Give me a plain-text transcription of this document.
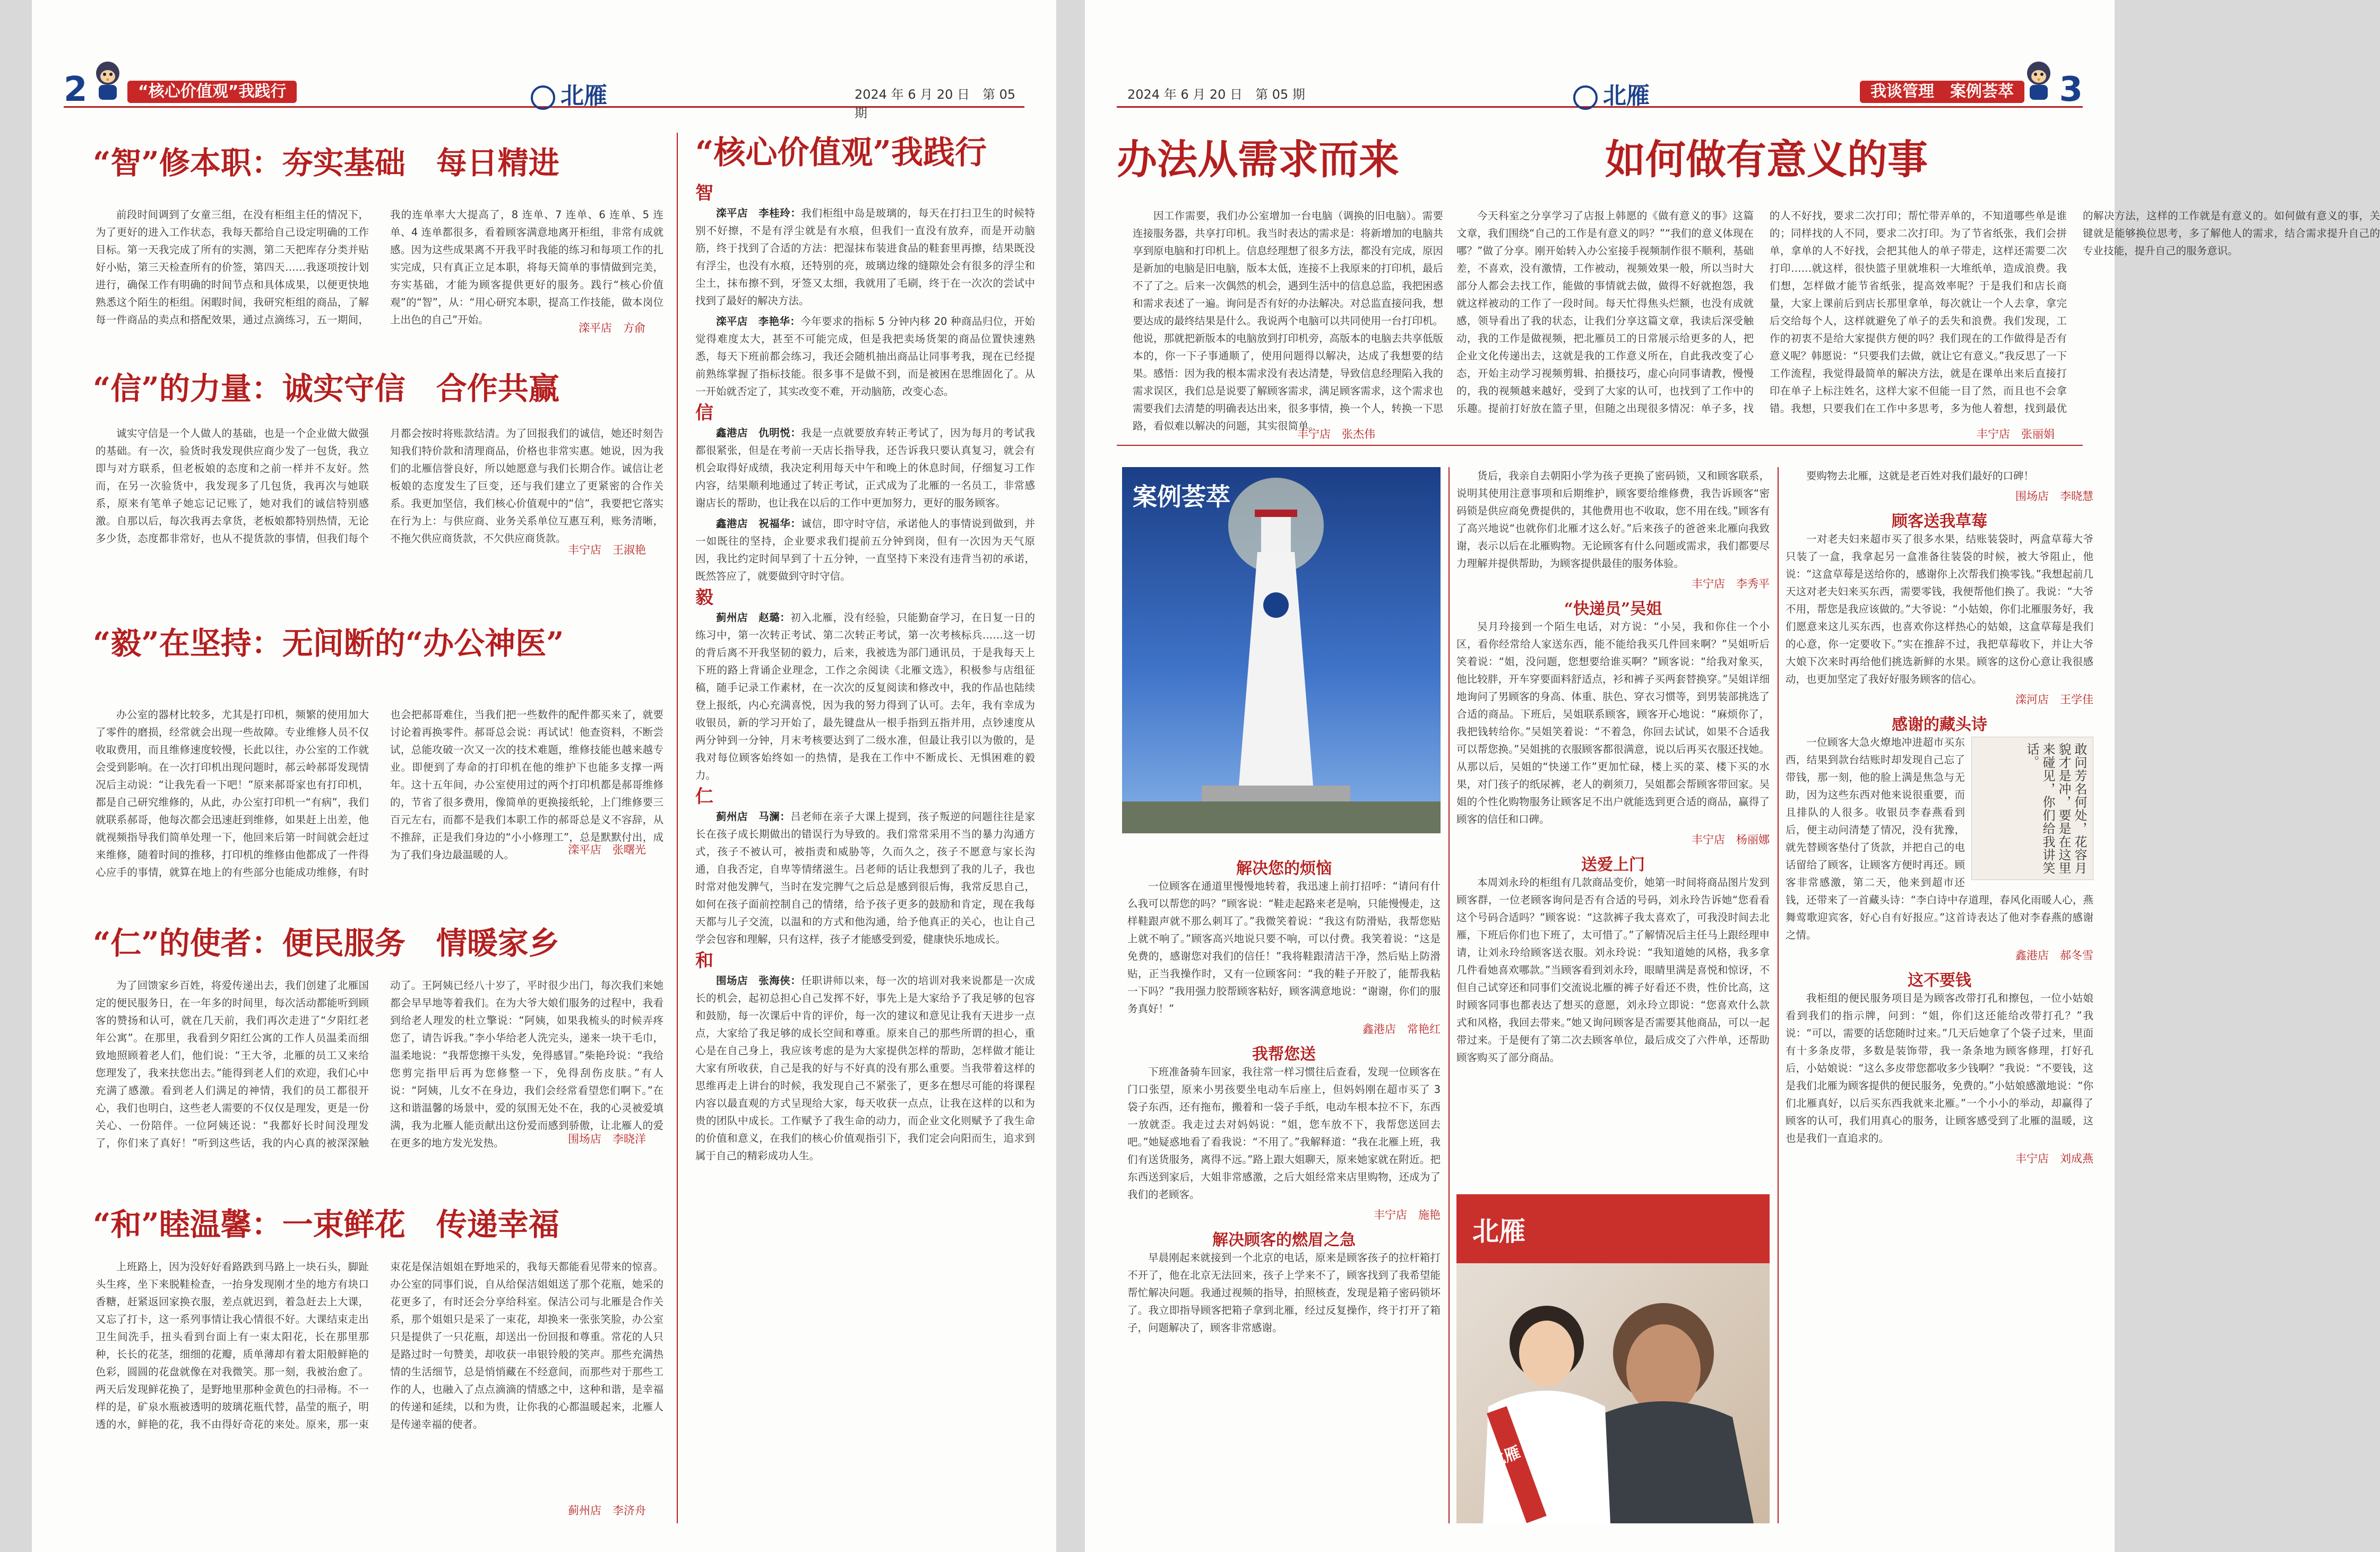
2	“核心价值观”我践行	北雁	2024 年 6 月 20 日　第 05 期
“智”修本职：夯实基础　每日精进

前段时间调到了女童三组，在没有柜组主任的情况下，为了更好的进入工作状态，我每天都给自己设定明确的工作目标。第一天我完成了所有的实测，第二天把库存分类并贴好小贴，第三天检查所有的价签，第四天……我逐项按计划进行，确保工作有明确的时间节点和具体成果，以便更快地熟悉这个陌生的柜组。闲暇时间，我研究柜组的商品，了解每一件商品的卖点和搭配效果，通过点滴练习，五一期间，我的连单率大大提高了，8 连单、7 连单、6 连单、5 连单、4 连单都很多，看着顾客满意地离开柜组，非常有成就感。因为这些成果离不开我平时我能的练习和每项工作的扎实完成，只有真正立足本职，将每天简单的事情做到完美，夯实基础，才能为顾客提供更好的服务。践行“核心价值观”的“智”，从：“用心研究本职，提高工作技能，做本岗位上出色的自己”开始。

滦平店　方俞
“信”的力量：诚实守信　合作共赢

诚实守信是一个人做人的基础，也是一个企业做大做强的基础。有一次，验货时我发现供应商少发了一包货，我立即与对方联系，但老板娘的态度和之前一样并不友好。然而，在另一次验货中，我发现多了几包货，我再次与她联系，原来有笔单子她忘记记账了，她对我们的诚信特别感激。自那以后，每次我再去拿货，老板娘都特别热情，无论多少货，态度都非常好，也从不提货款的事情，但我们每个月都会按时将账款结清。为了回报我们的诚信，她还时刻告知我们特价款和清理商品，价格也非常实惠。她说，因为我们的北雁信誉良好，所以她愿意与我们长期合作。诚信让老板娘的态度发生了巨变，还与我们建立了更紧密的合作关系。我更加坚信，我们核心价值观中的“信”，我要把它落实在行为上：与供应商、业务关系单位互惠互利，账务清晰，不拖欠供应商货款，不欠供应商货款。

丰宁店　王淑艳
“毅”在坚持：无间断的“办公神医”

办公室的器材比较多，尤其是打印机，频繁的使用加大了零件的磨损，经常就会出现一些故障。专业维修人员不仅收取费用，而且维修速度较慢，长此以往，办公室的工作就会受到影响。在一次打印机出现问题时，郝云岭郝哥发现情况后主动说：“让我先看一下吧！”原来郝哥家也有打印机，都是自己研究维修的，从此，办公室打印机一“有病”，我们就联系郝哥，他每次都会迅速赶到维修，如果赶上出差，他就视频指导我们简单处理一下，他回来后第一时间就会赶过来维修，随着时间的推移，打印机的维修由他都成了一件得心应手的事情，就算在地上的有些部分也能成功维修，有时也会把郝哥难住，当我们把一些数件的配件都买来了，就要讨论着再换零件。郝哥总会说：再试试！他查资料，不断尝试，总能攻破一次又一次的技术难题，维修技能也越来越专业。即便到了寿命的打印机在他的维护下也能多支撑一两年。这十五年间，办公室使用过的两个打印机都是郝哥维修的，节省了很多费用，像简单的更换接纸轮，上门维修要三百元左右，而都不是我们本职工作的郝哥总是义不容辞，从不推辞，正是我们身边的“小小修理工”，总是默默付出，成为了我们身边最温暖的人。	滦平店　张曙光
“仁”的使者：便民服务　情暖家乡

为了回馈家乡百姓，将爱传递出去，我们创建了北雁国定的便民服务日，在一年多的时间里，每次活动都能听到顾客的赞扬和认可，就在几天前，我们再次走进了“夕阳红老年公寓”。在那里，我看到夕阳红公寓的工作人员温柔而细致地照顾着老人们，他们说：“王大爷，北雁的员工又来给您理发了，我来扶您出去。”能得到老人们的欢迎，我们心中充满了感激。看到老人们满足的神情，我们的员工都很开心，我们也明白，这些老人需要的不仅仅是理发，更是一份关心、一份陪伴。一位阿姨还说：“我都好长时间没理发了，你们来了真好！”听到这些话，我的内心真的被深深触动了。王阿姨已经八十岁了，平时很少出门，每次我们来她都会早早地等着我们。在为大爷大娘们服务的过程中，我看到给老人理发的杜立擎说：“阿姨，如果我梳头的时候弄疼您了，请告诉我。”李小华给老人洗完头，递来一块干毛巾，温柔地说：“我帮您擦干头发，免得感冒。”柴艳玲说：“我给您剪完指甲后再为您修整一下，免得刮伤皮肤。”有人说：“阿姨，儿女不在身边，我们会经常看望您们啊下。”在这和谐温馨的场景中，爱的氛围无处不在，我的心灵被爱填满，我为北雁人能贡献出这份爱而感到骄傲，让北雁人的爱在更多的地方发光发热。	围场店　李晓洋
“和”睦温馨：一束鲜花　传递幸福

上班路上，因为没好好看路跌到马路上一块石头，脚趾头生疼，坐下来脱鞋检查，一抬身发现刚才坐的地方有块口香糖，赶紧返回家换衣服，差点就迟到，着急赶去上大课，又忘了打卡，这一系列事情让我心情很不好。大课结束走出卫生间洗手，扭头看到台面上有一束太阳花，长在那里那种，长长的花茎，细细的花瓣，质单薄却有着太阳般鲜艳的色彩，圆圆的花盘就像在对我微笑。那一刻，我被治愈了。两天后发现鲜花换了，是野地里那种金黄色的扫帚梅。不一样的是，矿泉水瓶被透明的玻璃花瓶代替，晶莹的瓶子，明透的水，鲜艳的花，我不由得好奇花的来处。原来，那一束束花是保洁姐姐在野地采的，我每天都能看见带来的惊喜。办公室的同事们说，自从给保洁姐姐送了那个花瓶，她采的花更多了，有时还会分享给科室。保洁公司与北雁是合作关系，那个姐姐只是采了一束花，却换来一张张笑脸，办公室只是提供了一只花瓶，却送出一份回报和尊重。常花的人只是路过时一句赞美，却收获一串银铃般的笑声。那些充满热情的生活细节，总是悄悄藏在不经意间，而那些对于那些工作的人，也融入了点点滴滴的情感之中，这种和谐，是幸福的传递和延续，以和为贵，让你我的心都温暖起来，北雁人是传递幸福的使者。

蓟州店　李济舟
“核心价值观”我践行
智

滦平店　李桂玲：我们柜组中岛是玻璃的，每天在打扫卫生的时候特别不好擦，不是有浮尘就是有水痕，但我们一直没有放弃，而是开动脑筋，终于找到了合适的方法：把湿抹布装进食品的鞋套里再擦，结果既没有浮尘，也没有水痕，还特别的亮，玻璃边缘的缝隙处会有很多的浮尘和尘土，抹布擦不到，牙签又太细，我就用了毛刷，终于在一次次的尝试中找到了最好的解决方法。

滦平店　李艳华：今年要求的指标 5 分钟内移 20 种商品归位，开始觉得难度太大，甚至不可能完成，但是我把卖场货架的商品位置快速熟悉，每天下班前都会练习，我还会随机抽出商品让同事考我，现在已经提前熟练掌握了指标技能。很多事不是做不到，而是被困在思维固化了。从一开始就否定了，其实改变不难，开动脑筋，改变心态。

信

鑫港店　仇明悦：我是一点就要放弃转正考试了，因为每月的考试我都很紧张，但是在考前一天店长指导我，还告诉我只要认真复习，就会有机会取得好成绩，我决定利用每天中午和晚上的休息时间，仔细复习工作内容，结果顺利地通过了转正考试，正式成为了北雁的一名员工，非常感谢店长的帮助，也让我在以后的工作中更加努力，更好的服务顾客。

鑫港店　祝福华：诚信，即守时守信，承诺他人的事情说到做到，并一如既往的坚持，企业要求我们提前五分钟到岗，但有一次因为天气原因，我比约定时间早到了十五分钟，一直坚持下来没有违背当初的承诺，既然答应了，就要做到守时守信。

毅

蓟州店　赵璐：初入北雁，没有经验，只能勤奋学习，在日复一日的练习中，第一次转正考试、第二次转正考试，第一次考核标兵……这一切的背后离不开我坚韧的毅力，后来，我被选为部门通讯员，于是我每天上下班的路上背诵企业理念，工作之余阅读《北雁文选》，积极参与店组征稿，随手记录工作素材，在一次次的反复阅读和修改中，我的作品也陆续登上报纸，内心充满喜悦，因为我的努力得到了认可。去年，我有幸成为收银员，新的学习开始了，最先键盘从一根手指到五指并用，点钞速度从两分钟到一分钟，月末考核要达到了二级水准，但最让我引以为傲的，是我对每位顾客始终如一的热情，是我在工作中不断成长、无惧困难的毅力。

仁

蓟州店　马澜：吕老师在亲子大课上提到，孩子叛逆的问题往往是家长在孩子成长期做出的错误行为导致的。我们常常采用不当的暴力沟通方式，孩子不被认可，被指责和威胁等，久而久之，孩子不愿意与家长沟通，自我否定，自卑等情绪滋生。吕老师的话让我想到了我的儿子，我也时常对他发脾气，当时在发完脾气之后总是感到很后悔，我常反思自己，如何在孩子面前控制自己的情绪，给予孩子更多的鼓励和肯定，现在我每天都与儿子交流，以温和的方式和他沟通，给予他真正的关心，也让自己学会包容和理解，只有这样，孩子才能感受到爱，健康快乐地成长。

和

围场店　张海侠：任职讲师以来，每一次的培训对我来说都是一次成长的机会，起初总担心自己发挥不好，事先上是大家给予了我足够的包容和鼓励，每一次课后中肯的评价，每一次的建议和意见让我有天进步一点点，大家给了我足够的成长空间和尊重。原来自己的那些所谓的担心，重心是在自己身上，我应该考虑的是为大家提供怎样的帮助，怎样做才能让大家有所收获，自己是我的好与不好真的没有那么重要。当我带着这样的思维再走上讲台的时候，我发现自己不紧张了，更多在想尽可能的将课程内容以最直观的方式呈现给大家，每天收获一点点，让我在这样的以和为贵的团队中成长。工作赋予了我生命的动力，而企业文化则赋予了我生命的价值和意义，在我们的核心价值观指引下，我们定会向阳而生，追求到属于自己的精彩成功人生。

2024 年 6 月 20 日　第 05 期	北雁	我谈管理　案例荟萃	3
办法从需求而来	如何做有意义的事

因工作需要，我们办公室增加一台电脑（调换的旧电脑）。需要连接服务器，共享打印机。我当时表达的需求是：将新增加的电脑共享到原电脑和打印机上。信息经理想了很多方法，都没有完成，原因是新加的电脑是旧电脑，版本太低，连接不上我原来的打印机，最后不了了之。后来一次偶然的机会，遇到生活中的信息总监，我把困惑和需求表述了一遍。询问是否有好的办法解决。对总监直接问我，想要达成的最终结果是什么。我说两个电脑可以共同使用一台打印机。他说，那就把新版本的电脑放到打印机旁，高版本的电脑去共享低版本的，你一下子事通顺了，使用问题得以解决，达成了我想要的结果。感悟：因为我的根本需求没有表达清楚，导致信息经理陷入我的需求误区，我们总是说要了解顾客需求，满足顾客需求，这个需求也需要我们去清楚的明确表达出来，很多事情，换一个人，转换一下思路，看似难以解决的问题，其实很简单。

丰宁店　张杰伟

今天科室之分享学习了店报上韩愿的《做有意义的事》这篇文章，我们围绕“自己的工作是有意义的吗？”“我们的意义体现在哪？”做了分享。刚开始转入办公室接手视频制作很不顺利，基础差，不喜欢，没有激情，工作被动，视频效果一般，所以当时大部分人都会去找工作，能做的事情就去做，做得不好就抱怨，我就这样被动的工作了一段时间。每天忙得焦头烂额，也没有成就感，领导看出了我的状态，让我们分享这篇文章，我读后深受触动，我的工作是做视频，把北雁员工的日常展示给更多的人，把企业文化传递出去，这就是我的工作意义所在，自此我改变了心态，开始主动学习视频剪辑、拍摄技巧，虚心向同事请教，慢慢的，我的视频越来越好，受到了大家的认可，也找到了工作中的乐趣。提前打好放在篮子里，但随之出现很多情况：单子多，找的人不好找，要求二次打印；帮忙带弄单的，不知道哪些单是谁的；同样找的人不同，要求二次打印。为了节省纸张，我们会拼单，拿单的人不好找，会把其他人的单子带走，这样还需要二次打印……就这样，很快篮子里就堆积一大堆纸单，造成浪费。我们想，怎样做才能节省纸张，提高效率呢？于是我们和店长商量，大家上课前后到店长那里拿单，每次就让一个人去拿，拿完后交给每个人，这样就避免了单子的丢失和浪费。我们发现，工作的初衷不是给大家提供方便的吗？我们现在的工作做得是否有意义呢？韩愿说：“只要我们去做，就让它有意义。”我反思了一下工作流程，我觉得最简单的解决方法，就是在课单出来后直接打印在单子上标注姓名，这样大家不但能一目了然，而且也不会拿错。我想，只要我们在工作中多思考，多为他人着想，找到最优的解决方法，这样的工作就是有意义的。如何做有意义的事，关键就是能够换位思考，多了解他人的需求，结合需求提升自己的专业技能，提升自己的服务意识。

丰宁店　张丽娟
案例荟萃
解决您的烦恼

一位顾客在通道里慢慢地转着，我迅速上前打招呼：“请问有什么我可以帮您的吗？”顾客说：“鞋走起路来老是响，只能慢慢走，这样鞋跟声就不那么刺耳了。”我微笑着说：“我这有防滑贴，我帮您贴上就不响了。”顾客高兴地说只要不响，可以付费。我笑着说：“这是免费的，感谢您对我们的信任！”我将鞋跟清洁干净，然后贴上防滑贴，正当我操作时，又有一位顾客问：“我的鞋子开胶了，能帮我粘一下吗？”我用强力胶帮顾客粘好，顾客满意地说：“谢谢，你们的服务真好！”

鑫港店　常艳红
我帮您送

下班准备骑车回家，我往常一样习惯往后查看，发现一位顾客在门口张望，原来小男孩要坐电动车后座上，但妈妈刚在超市买了 3 袋子东西，还有拖布，搬着和一袋子手纸，电动车根本拉不下，东西一放就歪。我走过去对妈妈说：“姐，您车放不下，我帮您送回去吧。”她疑惑地看了看我说：“不用了。”我解释道：“我在北雁上班，我们有送货服务，离得不远。”路上跟大姐聊天，原来她家就在附近。把东西送到家后，大姐非常感激，之后大姐经常来店里购物，还成为了我们的老顾客。

丰宁店　施艳
解决顾客的燃眉之急

早晨刚起来就接到一个北京的电话，原来是顾客孩子的拉杆箱打不开了，他在北京无法回来，孩子上学来不了，顾客找到了我希望能帮忙解决问题。我通过视频的指导，拍照核查，发现是箱子密码锁坏了。我立即指导顾客把箱子拿到北雁，经过反复操作，终于打开了箱子，问题解决了，顾客非常感谢。

货后，我亲自去朝阳小学为孩子更换了密码锁，又和顾客联系，说明其使用注意事项和后期维护，顾客要给维修费，我告诉顾客“密码锁是供应商免费提供的，其他费用也不收取，您不用在线。”顾客有了高兴地说“也就你们北雁才这么好。”后来孩子的爸爸来北雁向我致谢，表示以后在北雁购物。无论顾客有什么问题或需求，我们都要尽力理解并提供帮助，为顾客提供最佳的服务体验。

丰宁店　李秀平
“快递员”吴姐

吴月玲接到一个陌生电话，对方说：“小吴，我和你住一个小区，看你经常给人家送东西，能不能给我买几件回来啊？”吴姐听后笑着说：“姐，没问题，您想要给谁买啊？”顾客说：“给我对象买，他比较胖，开车穿要面料舒适点，衫和裤子买两套替换穿。”吴姐详细地询问了男顾客的身高、体重、肤色、穿衣习惯等，到男装部挑选了合适的商品。下班后，吴姐联系顾客，顾客开心地说：“麻烦你了，我把钱转给你。”吴姐笑着说：“不着急，你回去试试，如果不合适我可以帮您换。”吴姐挑的衣服顾客都很满意，说以后再买衣服还找她。从那以后，吴姐的“快递工作”更加忙碌，楼上买的菜、楼下买的水果，对门孩子的纸尿裤，老人的剃须刀，吴姐都会帮顾客带回家。吴姐的个性化购物服务让顾客足不出户就能选到更合适的商品，赢得了顾客的信任和口碑。

丰宁店　杨丽娜
送爱上门

本周刘永玲的柜组有几款商品变价，她第一时间将商品图片发到顾客群，一位老顾客询问是否有合适的号码，刘永玲告诉她“您看看这个号码合适吗？”顾客说：“这款裤子我太喜欢了，可我没时间去北雁，下班后你们也下班了，太可惜了。”了解情况后主任马上跟经理申请，让刘永玲给顾客送衣服。刘永玲说：“我知道她的风格，我多拿几件看她喜欢哪款。”当顾客看到刘永玲，眼睛里满是喜悦和惊讶，不但自己试穿还和同事们交流说北雁的裤子好看还不贵，性价比高，这时顾客同事也都表达了想买的意愿，刘永玲立即说：“您喜欢什么款式和风格，我回去带来。”她又询问顾客是否需要其他商品，可以一起带过来。于是便有了第二次去顾客单位，最后成交了六件单，还帮助顾客购买了部分商品。

北雁
北雁

要购物去北雁，这就是老百姓对我们最好的口碑！

围场店　李晓慧
顾客送我草莓

一对老夫妇来超市买了很多水果，结账装袋时，两盒草莓大爷只装了一盒，我拿起另一盒准备往装袋的时候，被大爷阻止，他说：“这盒草莓是送给你的，感谢你上次帮我们换零钱。”我想起前几天这对老夫妇来买东西，需要零钱，我便帮他们换了。我说：“大爷不用，帮您是我应该做的。”大爷说：“小姑娘，你们北雁服务好，我们愿意来这儿买东西，也喜欢你这样热心的姑娘，这盒草莓是我们的心意，你一定要收下。”实在推辞不过，我把草莓收下，并让大爷大娘下次来时再给他们挑选新鲜的水果。顾客的这份心意让我很感动，也更加坚定了我好好服务顾客的信心。

滦河店　王学佳
感谢的藏头诗
敢问芳名何处，花容月貌才是冲，要是在这里来碰见，你们给我讲笑话。

一位顾客大急火燎地冲进超市买东西，结果到款台结账时却发现自己忘了带钱，那一刻，他的脸上满是焦急与无助，因为这些东西对他来说很重要，而且排队的人很多。收银员李春燕看到后，便主动问清楚了情况，没有犹豫，就先替顾客垫付了货款，并把自己的电话留给了顾客，让顾客方便时再还。顾客非常感激，第二天，他来到超市还钱，还带来了一首藏头诗：“李白诗中存道理，春风化雨暖人心，燕舞莺歌迎宾客，好心自有好报应。”这首诗表达了他对李春燕的感谢之情。

鑫港店　郝冬雪
这不要钱

我柜组的便民服务项目是为顾客改带打孔和擦包，一位小姑娘看到我们的指示牌，问到：“姐，你们这还能给改带打孔？”我说：“可以，需要的话您随时过来。”几天后她拿了个袋子过来，里面有十多条皮带，多数是装饰带，我一条条地为顾客修理，打好孔后，小姑娘说：“这么多皮带您都收多少钱啊？”我说：“不要钱，这是我们北雁为顾客提供的便民服务，免费的。”小姑娘感激地说：“你们北雁真好，以后买东西我就来北雁。”一个小小的举动，却赢得了顾客的认可，我们用真心的服务，让顾客感受到了北雁的温暖，这也是我们一直追求的。

丰宁店　刘成燕
